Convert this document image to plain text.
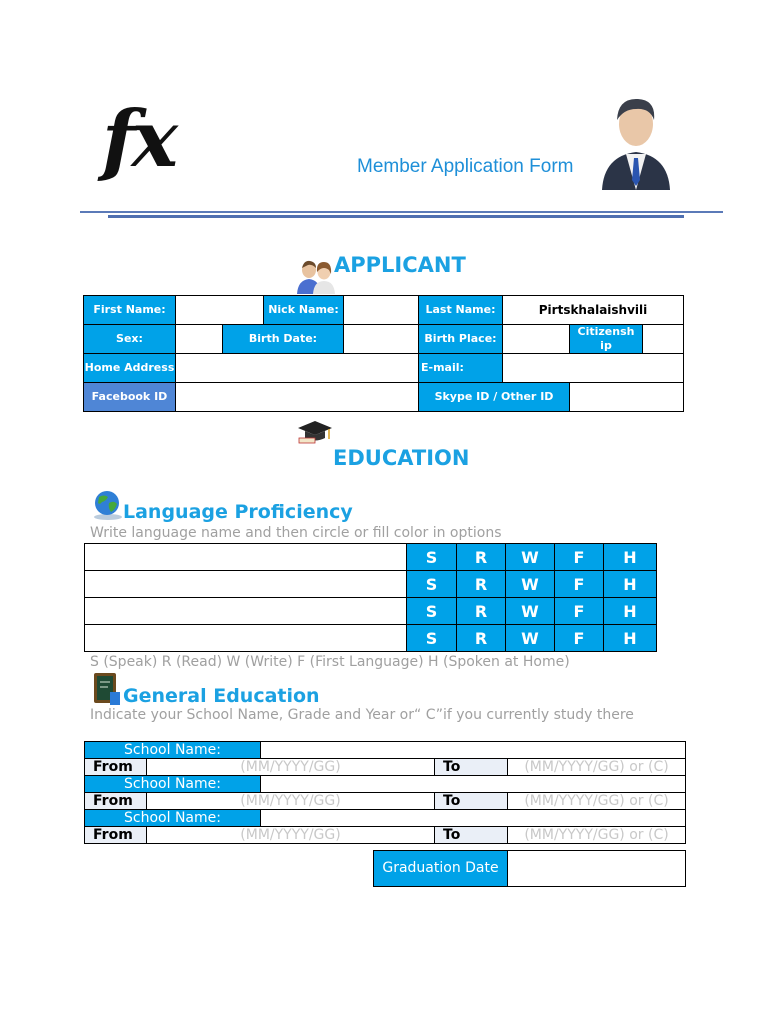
fx	Member Application Form
APPLICANT
First Name:			Nick Name:		Last Name:	Pirtskhalaishvili		
Sex:		Birth Date:			Birth Place:		Citizensh ip	
Home Address					E-mail:			
Facebook ID					Skype ID / Other ID			
EDUCATION
Language Proficiency
Write language name and then circle or fill color in options
	S	R	W	F	H
	S	R	W	F	H
	S	R	W	F	H
	S	R	W	F	H
S (Speak) R (Read) W (Write) F (First Language) H (Spoken at Home)
General Education
Indicate your School Name, Grade and Year or“ C”if you currently study there
School Name:				
From	(MM/YYYY/GG)		To	(MM/YYYY/GG) or (C)
School Name:				
From	(MM/YYYY/GG)		To	(MM/YYYY/GG) or (C)
School Name:				
From	(MM/YYYY/GG)		To	(MM/YYYY/GG) or (C)
Graduation Date	
